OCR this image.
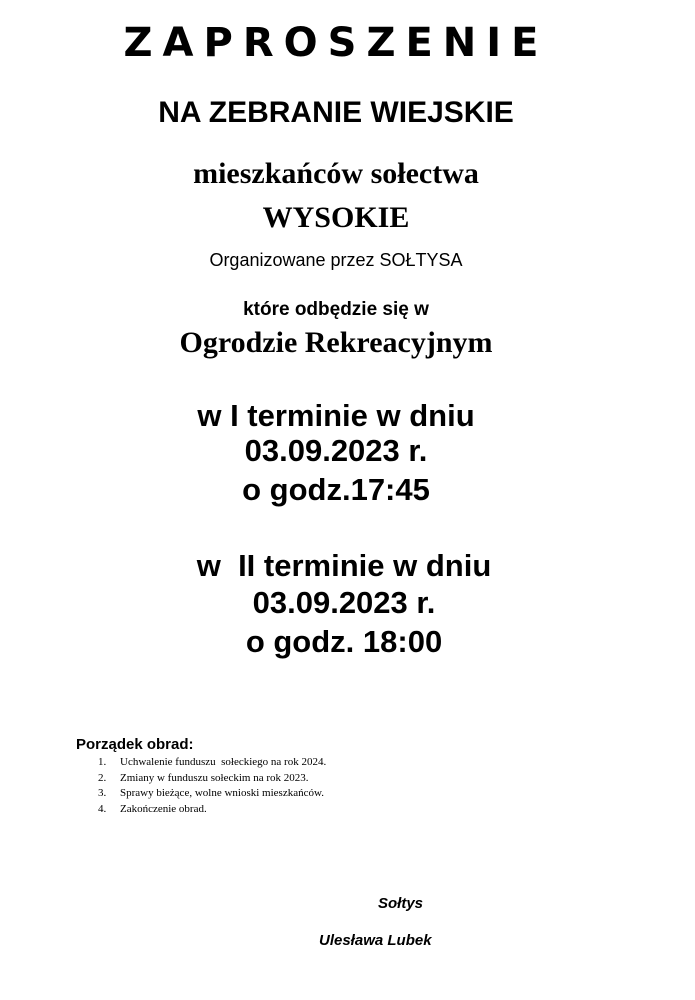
ZAPROSZENIE
NA ZEBRANIE WIEJSKIE
mieszkańców sołectwa
WYSOKIE
Organizowane przez SOŁTYSA
które odbędzie się w
Ogrodzie Rekreacyjnym
w I terminie w dniu
03.09.2023 r.
o godz.17:45
w  II terminie w dniu
03.09.2023 r.
o godz. 18:00
Porządek obrad:
1.	Uchwalenie funduszu  sołeckiego na rok 2024.
2.	Zmiany w funduszu sołeckim na rok 2023.
3.	Sprawy bieżące, wolne wnioski mieszkańców.
4.	Zakończenie obrad.
Sołtys
Ulesława Lubek
